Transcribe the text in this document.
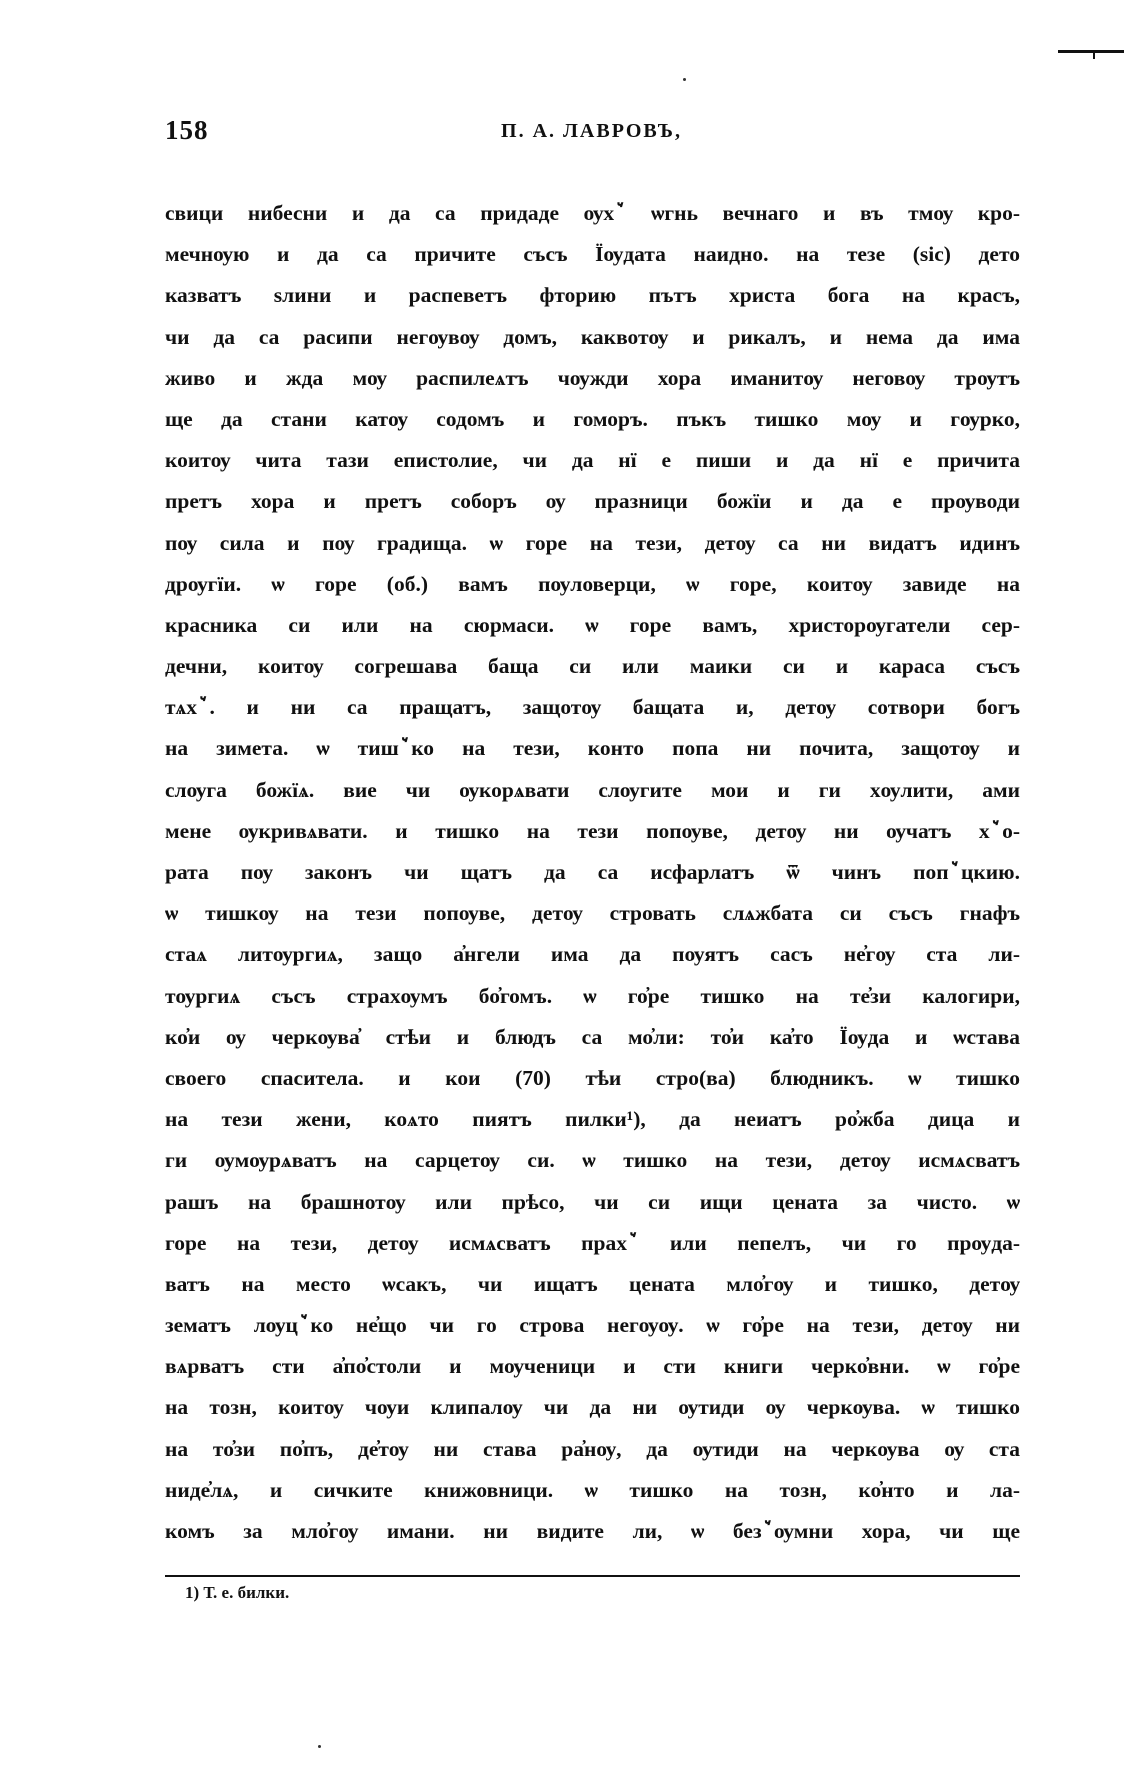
158	П. А. ЛАВРОВЪ,
свици нибесни и да са придаде ѹхꙿ ѡгнь вечнаго и въ тмѹ кро-
мечнѹю и да са причите съсъ Їѹдата наидно. на тезе (sic) дето
казватъ ѕлини и распеветъ фторию пътъ христа бога на красъ,
чи да са расипи негѹвѹ домъ, каквотѹ и рикалъ, и нема да има
живо и жда мѹ распилеѧтъ чѹжди хора иманитѹ неговѹ трѹтъ
ще да стани катѹ содомъ и гоморъ. пъкъ тишко мѹ и гѹрко,
коитѹ чита тази епистолие, чи да нї е пиши и да нї е причита
претъ хора и претъ соборъ ѹ празници божїи и да е прѹводи
пѹ сила и пѹ градища. ѡ горе на тези, детѹ са ни видатъ идинъ
дрѹгїи. ѡ горе (об.) вамъ пѹловерци, ѡ горе, коитѹ завиде на
красника си или на сюрмаси. ѡ горе вамъ, христорѹгатели сер-
дечни, коитѹ согрешава баща си или маики си и караса съсъ
тѧхꙿ. и ни са пращатъ, защотѹ бащата и, детѹ сотвори богъ
на зимета. ѡ тишꙿко на тези, конто попа ни почита, защотѹ и
слѹга божїѧ. вие чи ѹкорѧвати слѹгите мои и ги хѹлити, ами
мене ѹкривѧвати. и тишко на тези попѹве, детѹ ни ѹчатъ хꙿо-
рата пѹ законъ чи щатъ да са исфарлатъ ѿ чинъ попꙿцкию.
ѡ тишкѹ на тези попѹве, детѹ стровать слѧжбата си съсъ гнафъ
стаѧ литѹргиѧ, защо а҆нгели има да пѹятъ сасъ не҆гѹ ста ли-
тѹргиѧ съсъ страхѹмъ бо҆гомъ. ѡ го҆ре тишко на те҆зи калогири,
ко҆и ѹ черкѹва҆ стѣи и блюдъ са мо҆ли: то҆и ка҆то Їѹда и ѡстава
своего спаситела. и кои (70) тѣи стро(ва) блюдникъ. ѡ тишко
на тези жени, коѧто пиятъ пилки¹), да неиатъ ро҆жба дица и
ги ѹмѹрѧватъ на сарцетѹ си. ѡ тишко на тези, детѹ исмѧсватъ
рашъ на брашнотѹ или прѣсо, чи си ищи ценатa за чисто. ѡ
горе на тези, детѹ исмѧсватъ прахꙿ или пепелъ, чи го прѹда-
ватъ на место ѡсакъ, чи ищатъ ценатa мло҆гѹ и тишко, детѹ
зематъ лѹцꙿко не҆що чи го строва негѹѹ. ѡ го҆ре на тези, детѹ ни
вѧрватъ сти а҆по҆столи и мѹченици и сти книги черко҆вни. ѡ го҆ре
на тозн, коитѹ чѹи клипалѹ чи да ни ѹтиди ѹ черкѹва. ѡ тишко
на то҆зи по҆пъ, де҆тѹ ни става ра҆нѹ, да ѹтиди на черкѹва ѹ ста
ниде҆лѧ, и сичките книжовници. ѡ тишко на тозн, ко҆нто и ла-
комъ за мло҆гѹ имани. ни видите ли, ѡ безꙿѹмни хора, чи ще
1) Т. е. билки.
